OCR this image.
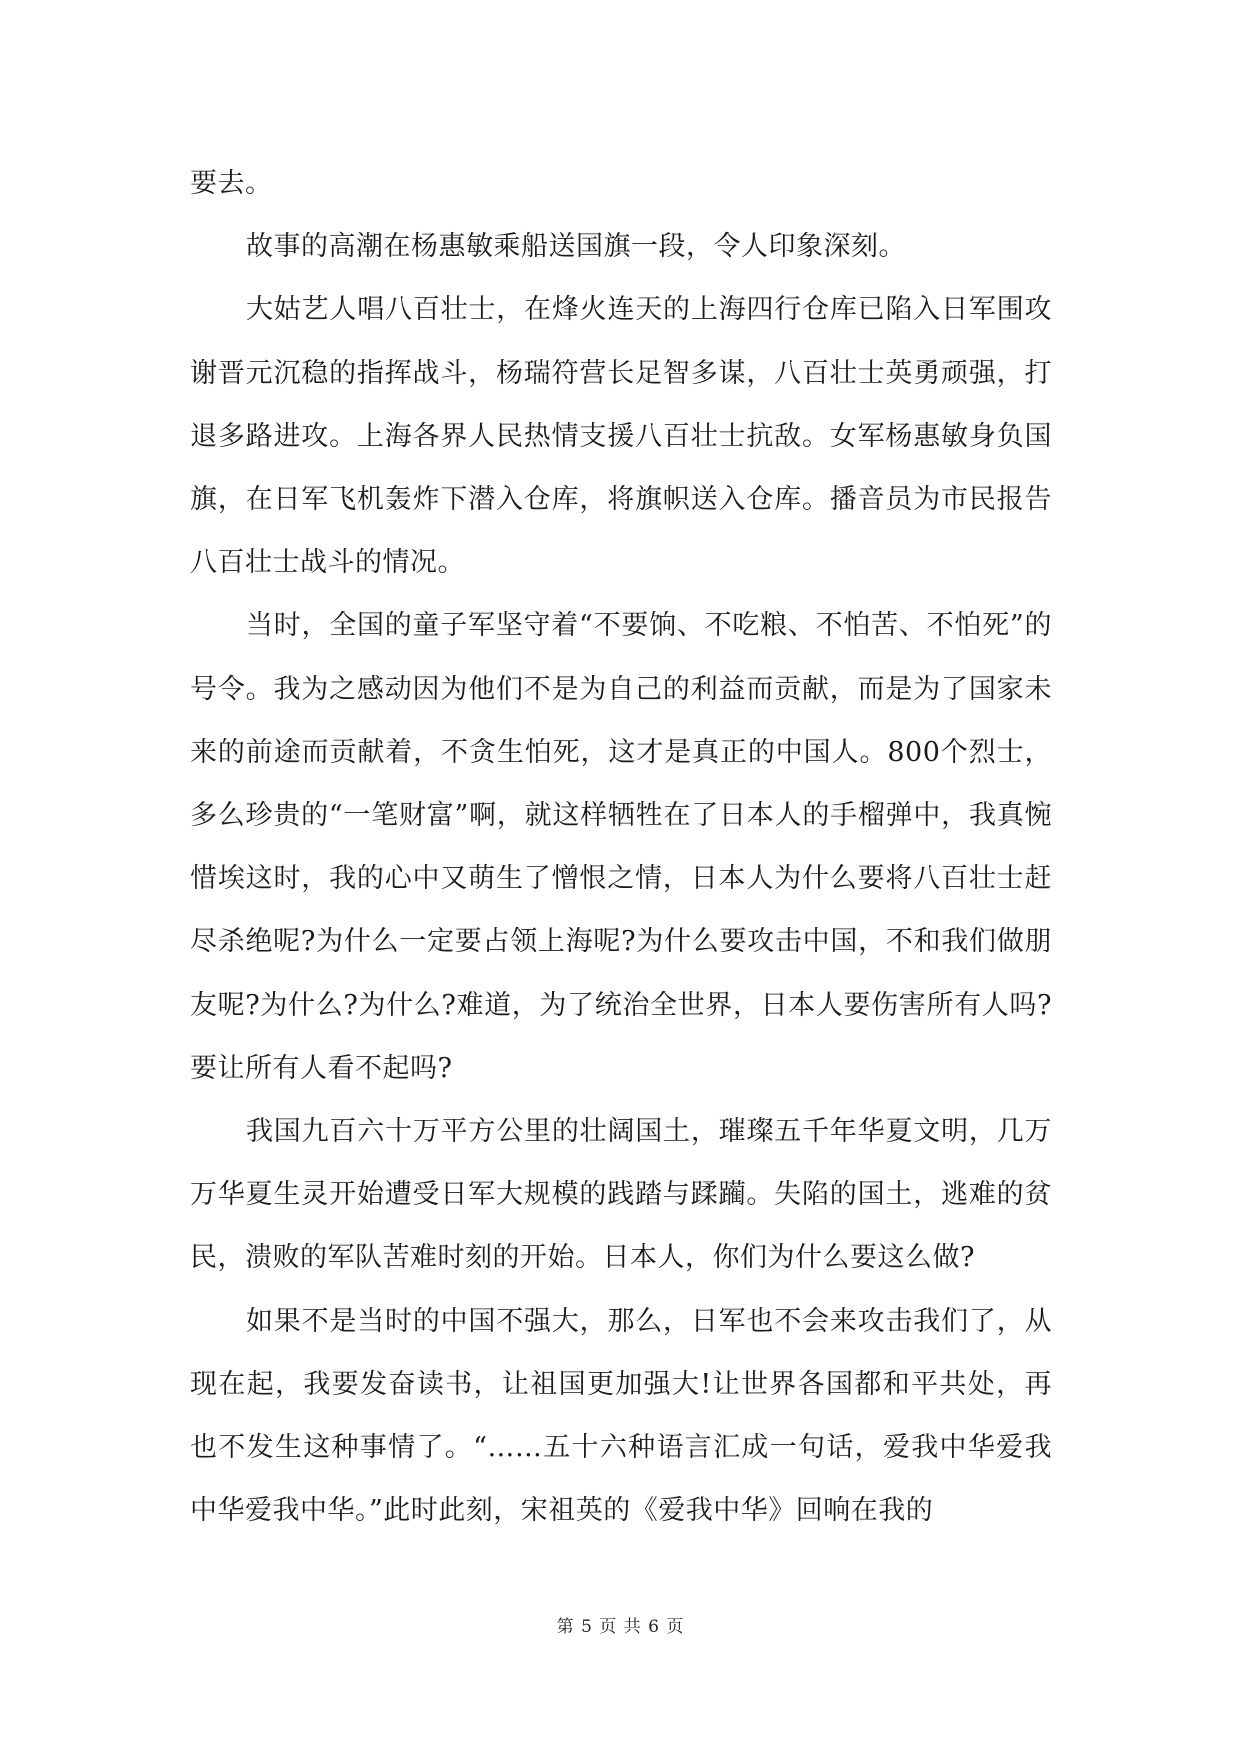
要去。

故事的高潮在杨惠敏乘船送国旗一段，令人印象深刻。

大姑艺人唱八百壮士，在烽火连天的上海四行仓库已陷入日军围攻谢晋元沉稳的指挥战斗，杨瑞符营长足智多谋，八百壮士英勇顽强，打退多路进攻。上海各界人民热情支援八百壮士抗敌。女军杨惠敏身负国旗，在日军飞机轰炸下潜入仓库，将旗帜送入仓库。播音员为市民报告八百壮士战斗的情况。

当时，全国的童子军坚守着“不要饷、不吃粮、不怕苦、不怕死”的号令。我为之感动因为他们不是为自己的利益而贡献，而是为了国家未来的前途而贡献着，不贪生怕死，这才是真正的中国人。800个烈士，多么珍贵的“一笔财富”啊，就这样牺牲在了日本人的手榴弹中，我真惋惜埃这时，我的心中又萌生了憎恨之情，日本人为什么要将八百壮士赶尽杀绝呢?为什么一定要占领上海呢?为什么要攻击中国，不和我们做朋友呢?为什么?为什么?难道，为了统治全世界，日本人要伤害所有人吗?要让所有人看不起吗?

我国九百六十万平方公里的壮阔国土，璀璨五千年华夏文明，几万万华夏生灵开始遭受日军大规模的践踏与蹂躏。失陷的国土，逃难的贫民，溃败的军队苦难时刻的开始。日本人，你们为什么要这么做?

如果不是当时的中国不强大，那么，日军也不会来攻击我们了，从现在起，我要发奋读书，让祖国更加强大!让世界各国都和平共处，再也不发生这种事情了。“……五十六种语言汇成一句话，爱我中华爱我中华爱我中华。”此时此刻，宋祖英的《爱我中华》回响在我的

第 5 页 共 6 页
